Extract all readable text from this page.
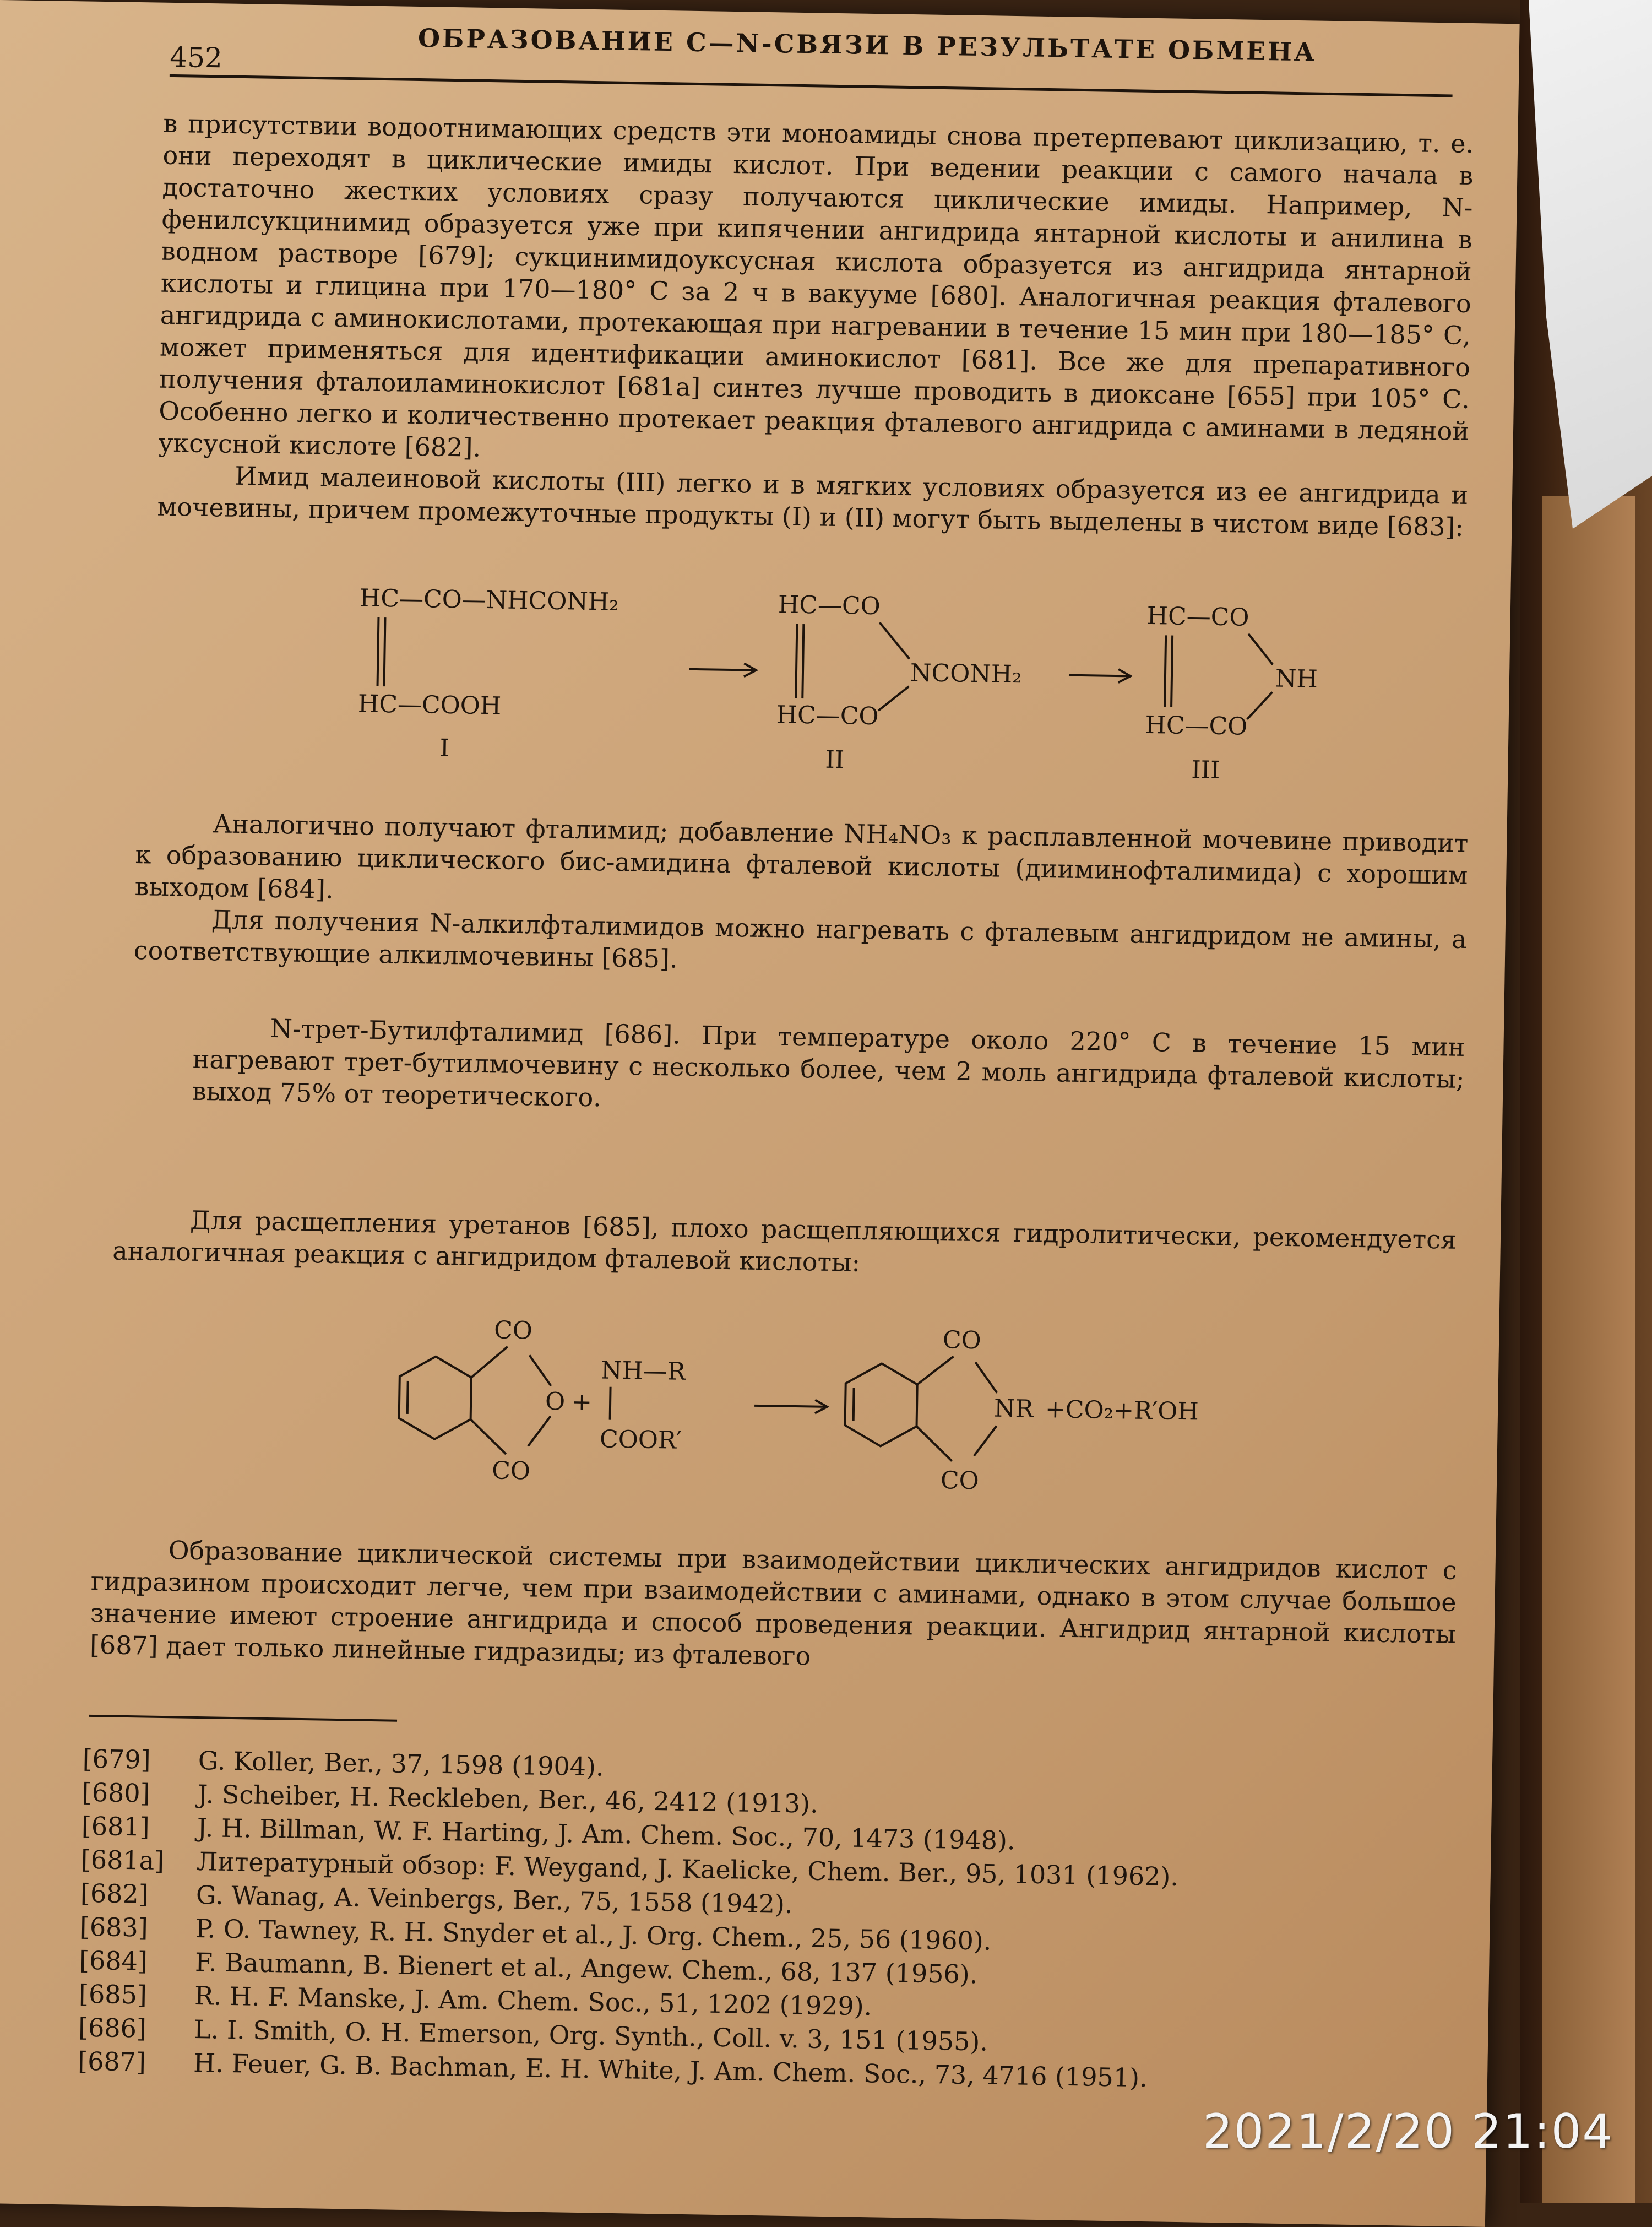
452	ОБРАЗОВАНИЕ C—N-СВЯЗИ В РЕЗУЛЬТАТЕ ОБМЕНА

в присутствии водоотнимающих средств эти моноамиды снова претерпевают циклизацию, т. е. они переходят в циклические имиды кислот. При ведении реакции с самого начала в достаточно жестких условиях сразу получаются циклические имиды. Например, N-фенилсукцинимид образуется уже при кипячении ангидрида янтарной кислоты и анилина в водном растворе [679]; сукцинимидоуксусная кислота образуется из ангидрида янтарной кислоты и глицина при 170—180° С за 2 ч в вакууме [680]. Аналогичная реакция фталевого ангидрида с аминокислотами, протекающая при нагревании в течение 15 мин при 180—185° С, может применяться для идентификации аминокислот [681]. Все же для препаративного получения фталоиламинокислот [681а] синтез лучше проводить в диоксане [655] при 105° С. Особенно легко и количественно протекает реакция фталевого ангидрида с аминами в ледяной уксусной кислоте [682].

Имид малеиновой кислоты (III) легко и в мягких условиях образуется из ее ангидрида и мочевины, причем промежуточные продукты (I) и (II) могут быть выделены в чистом виде [683]:

HC—CO—NHCONH₂
HC—COOH
I
HC—CO
NCONH₂
HC—CO
II
HC—CO
NH
HC—CO
III

Аналогично получают фталимид; добавление NH₄NO₃ к расплавленной мочевине приводит к образованию циклического бис-амидина фталевой кислоты (дииминофталимида) с хорошим выходом [684].

Для получения N-алкилфталимидов можно нагревать с фталевым ангидридом не амины, а соответствующие алкилмочевины [685].

N-трет-Бутилфталимид [686]. При температуре около 220° С в течение 15 мин нагревают трет-бутилмочевину с несколько более, чем 2 моль ангидрида фталевой кислоты; выход 75% от теоретического.

Для расщепления уретанов [685], плохо расщепляющихся гидролитически, рекомендуется аналогичная реакция с ангидридом фталевой кислоты:

CO
O
CO
+
NH—R
COOR′
CO
NR
CO
+CO₂+R′OH

Образование циклической системы при взаимодействии циклических ангидридов кислот с гидразином происходит легче, чем при взаимодействии с аминами, однако в этом случае большое значение имеют строение ангидрида и способ проведения реакции. Ангидрид янтарной кислоты [687] дает только линейные гидразиды; из фталевого

[679]	G. Koller, Ber., 37, 1598 (1904).

[680]	J. Scheiber, H. Reckleben, Ber., 46, 2412 (1913).

[681]	J. H. Billman, W. F. Harting, J. Am. Chem. Soc., 70, 1473 (1948).

[681a]	Литературный обзор: F. Weygand, J. Kaelicke, Chem. Ber., 95, 1031 (1962).

[682]	G. Wanag, A. Veinbergs, Ber., 75, 1558 (1942).

[683]	P. O. Tawney, R. H. Snyder et al., J. Org. Chem., 25, 56 (1960).

[684]	F. Baumann, B. Bienert et al., Angew. Chem., 68, 137 (1956).

[685]	R. H. F. Manske, J. Am. Chem. Soc., 51, 1202 (1929).

[686]	L. I. Smith, O. H. Emerson, Org. Synth., Coll. v. 3, 151 (1955).

[687]	H. Feuer, G. B. Bachman, E. H. White, J. Am. Chem. Soc., 73, 4716 (1951).

2021/2/20 21:04
